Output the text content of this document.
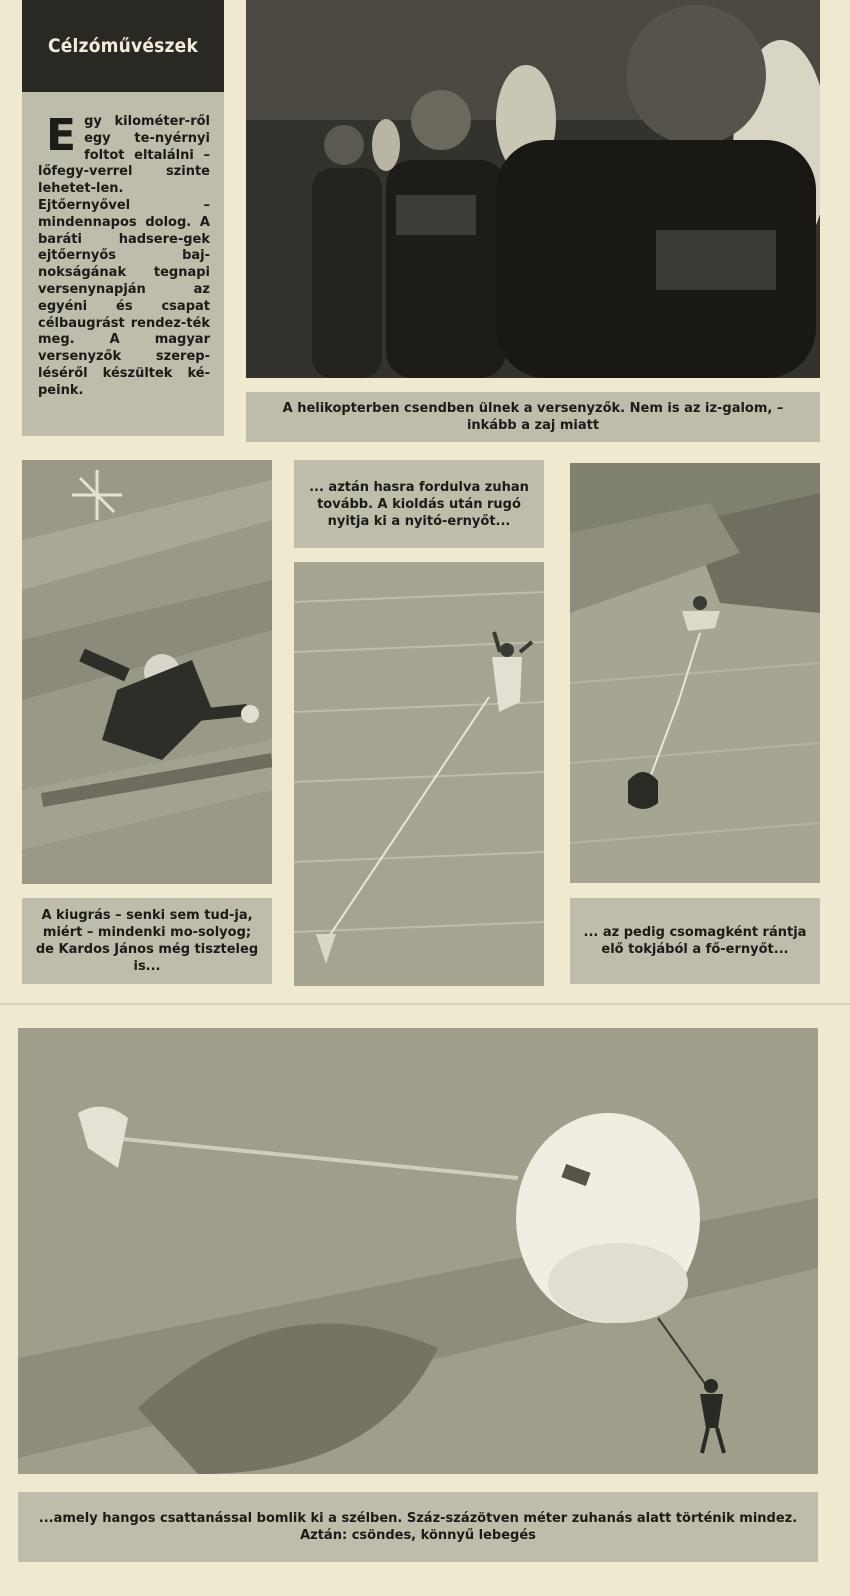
Célzóművészek
E gy kilométer-ről egy te-nyérnyi foltot eltalálni – lőfegy-verrel szinte lehetet-len. Ejtőernyővel – mindennapos dolog. A baráti hadsere-gek ejtőernyős baj-nokságának tegnapi versenynapján az egyéni és csapat célbaugrást rendez-ték meg. A magyar versenyzők szerep-léséről készültek ké-peink.
A helikopterben csendben ülnek a versenyzők. Nem is az iz-galom, – inkább a zaj miatt
A kiugrás – senki sem tud-ja, miért – mindenki mo-solyog; de Kardos János még tiszteleg is...
... aztán hasra fordulva zuhan tovább. A kioldás után rugó nyitja ki a nyitó-ernyőt...
... az pedig csomagként rántja elő tokjából a fő-ernyőt...
...amely hangos csattanással bomlik ki a szélben. Száz-százötven méter zuhanás alatt történik mindez. Aztán: csöndes, könnyű lebegés
